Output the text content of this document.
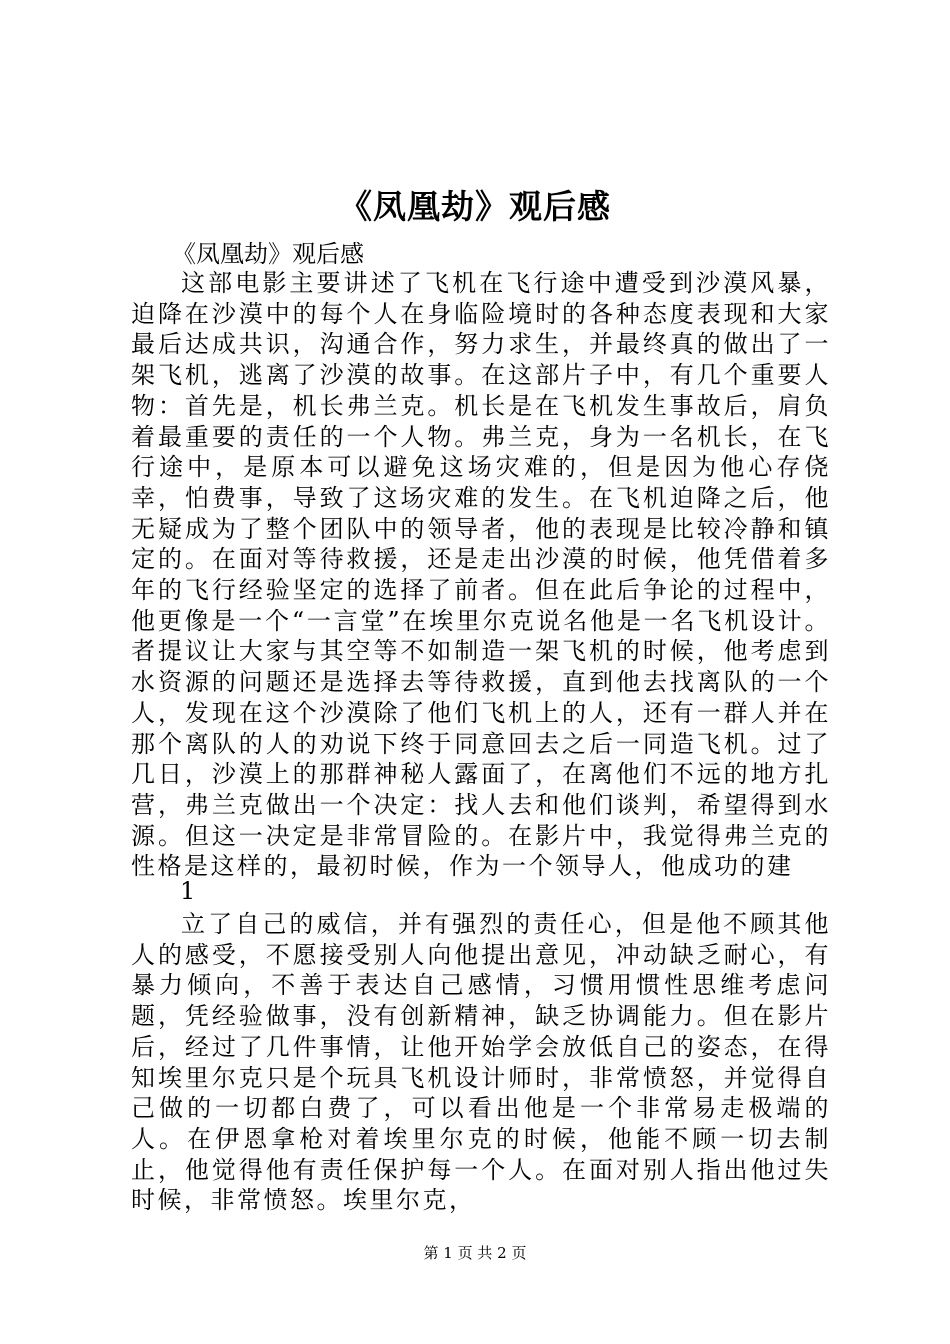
《凤凰劫》观后感
《凤凰劫》观后感

这部电影主要讲述了飞机在飞行途中遭受到沙漠风暴，迫降在沙漠中的每个人在身临险境时的各种态度表现和大家最后达成共识，沟通合作，努力求生，并最终真的做出了一架飞机，逃离了沙漠的故事。在这部片子中，有几个重要人物：首先是，机长弗兰克。机长是在飞机发生事故后，肩负着最重要的责任的一个人物。弗兰克，身为一名机长，在飞行途中，是原本可以避免这场灾难的，但是因为他心存侥幸，怕费事，导致了这场灾难的发生。在飞机迫降之后，他无疑成为了整个团队中的领导者，他的表现是比较冷静和镇定的。在面对等待救援，还是走出沙漠的时候，他凭借着多年的飞行经验坚定的选择了前者。但在此后争论的过程中，他更像是一个“一言堂”在埃里尔克说名他是一名飞机设计。者提议让大家与其空等不如制造一架飞机的时候，他考虑到水资源的问题还是选择去等待救援，直到他去找离队的一个人，发现在这个沙漠除了他们飞机上的人，还有一群人并在那个离队的人的劝说下终于同意回去之后一同造飞机。过了几日，沙漠上的那群神秘人露面了，在离他们不远的地方扎营，弗兰克做出一个决定：找人去和他们谈判，希望得到水源。但这一决定是非常冒险的。在影片中，我觉得弗兰克的性格是这样的，最初时候，作为一个领导人，他成功的建

1

立了自己的威信，并有强烈的责任心，但是他不顾其他人的感受，不愿接受别人向他提出意见，冲动缺乏耐心，有暴力倾向，不善于表达自己感情，习惯用惯性思维考虑问题，凭经验做事，没有创新精神，缺乏协调能力。但在影片后，经过了几件事情，让他开始学会放低自己的姿态，在得知埃里尔克只是个玩具飞机设计师时，非常愤怒，并觉得自己做的一切都白费了，可以看出他是一个非常易走极端的人。在伊恩拿枪对着埃里尔克的时候，他能不顾一切去制止，他觉得他有责任保护每一个人。在面对别人指出他过失时候，非常愤怒。埃里尔克，

第 1 页 共 2 页
